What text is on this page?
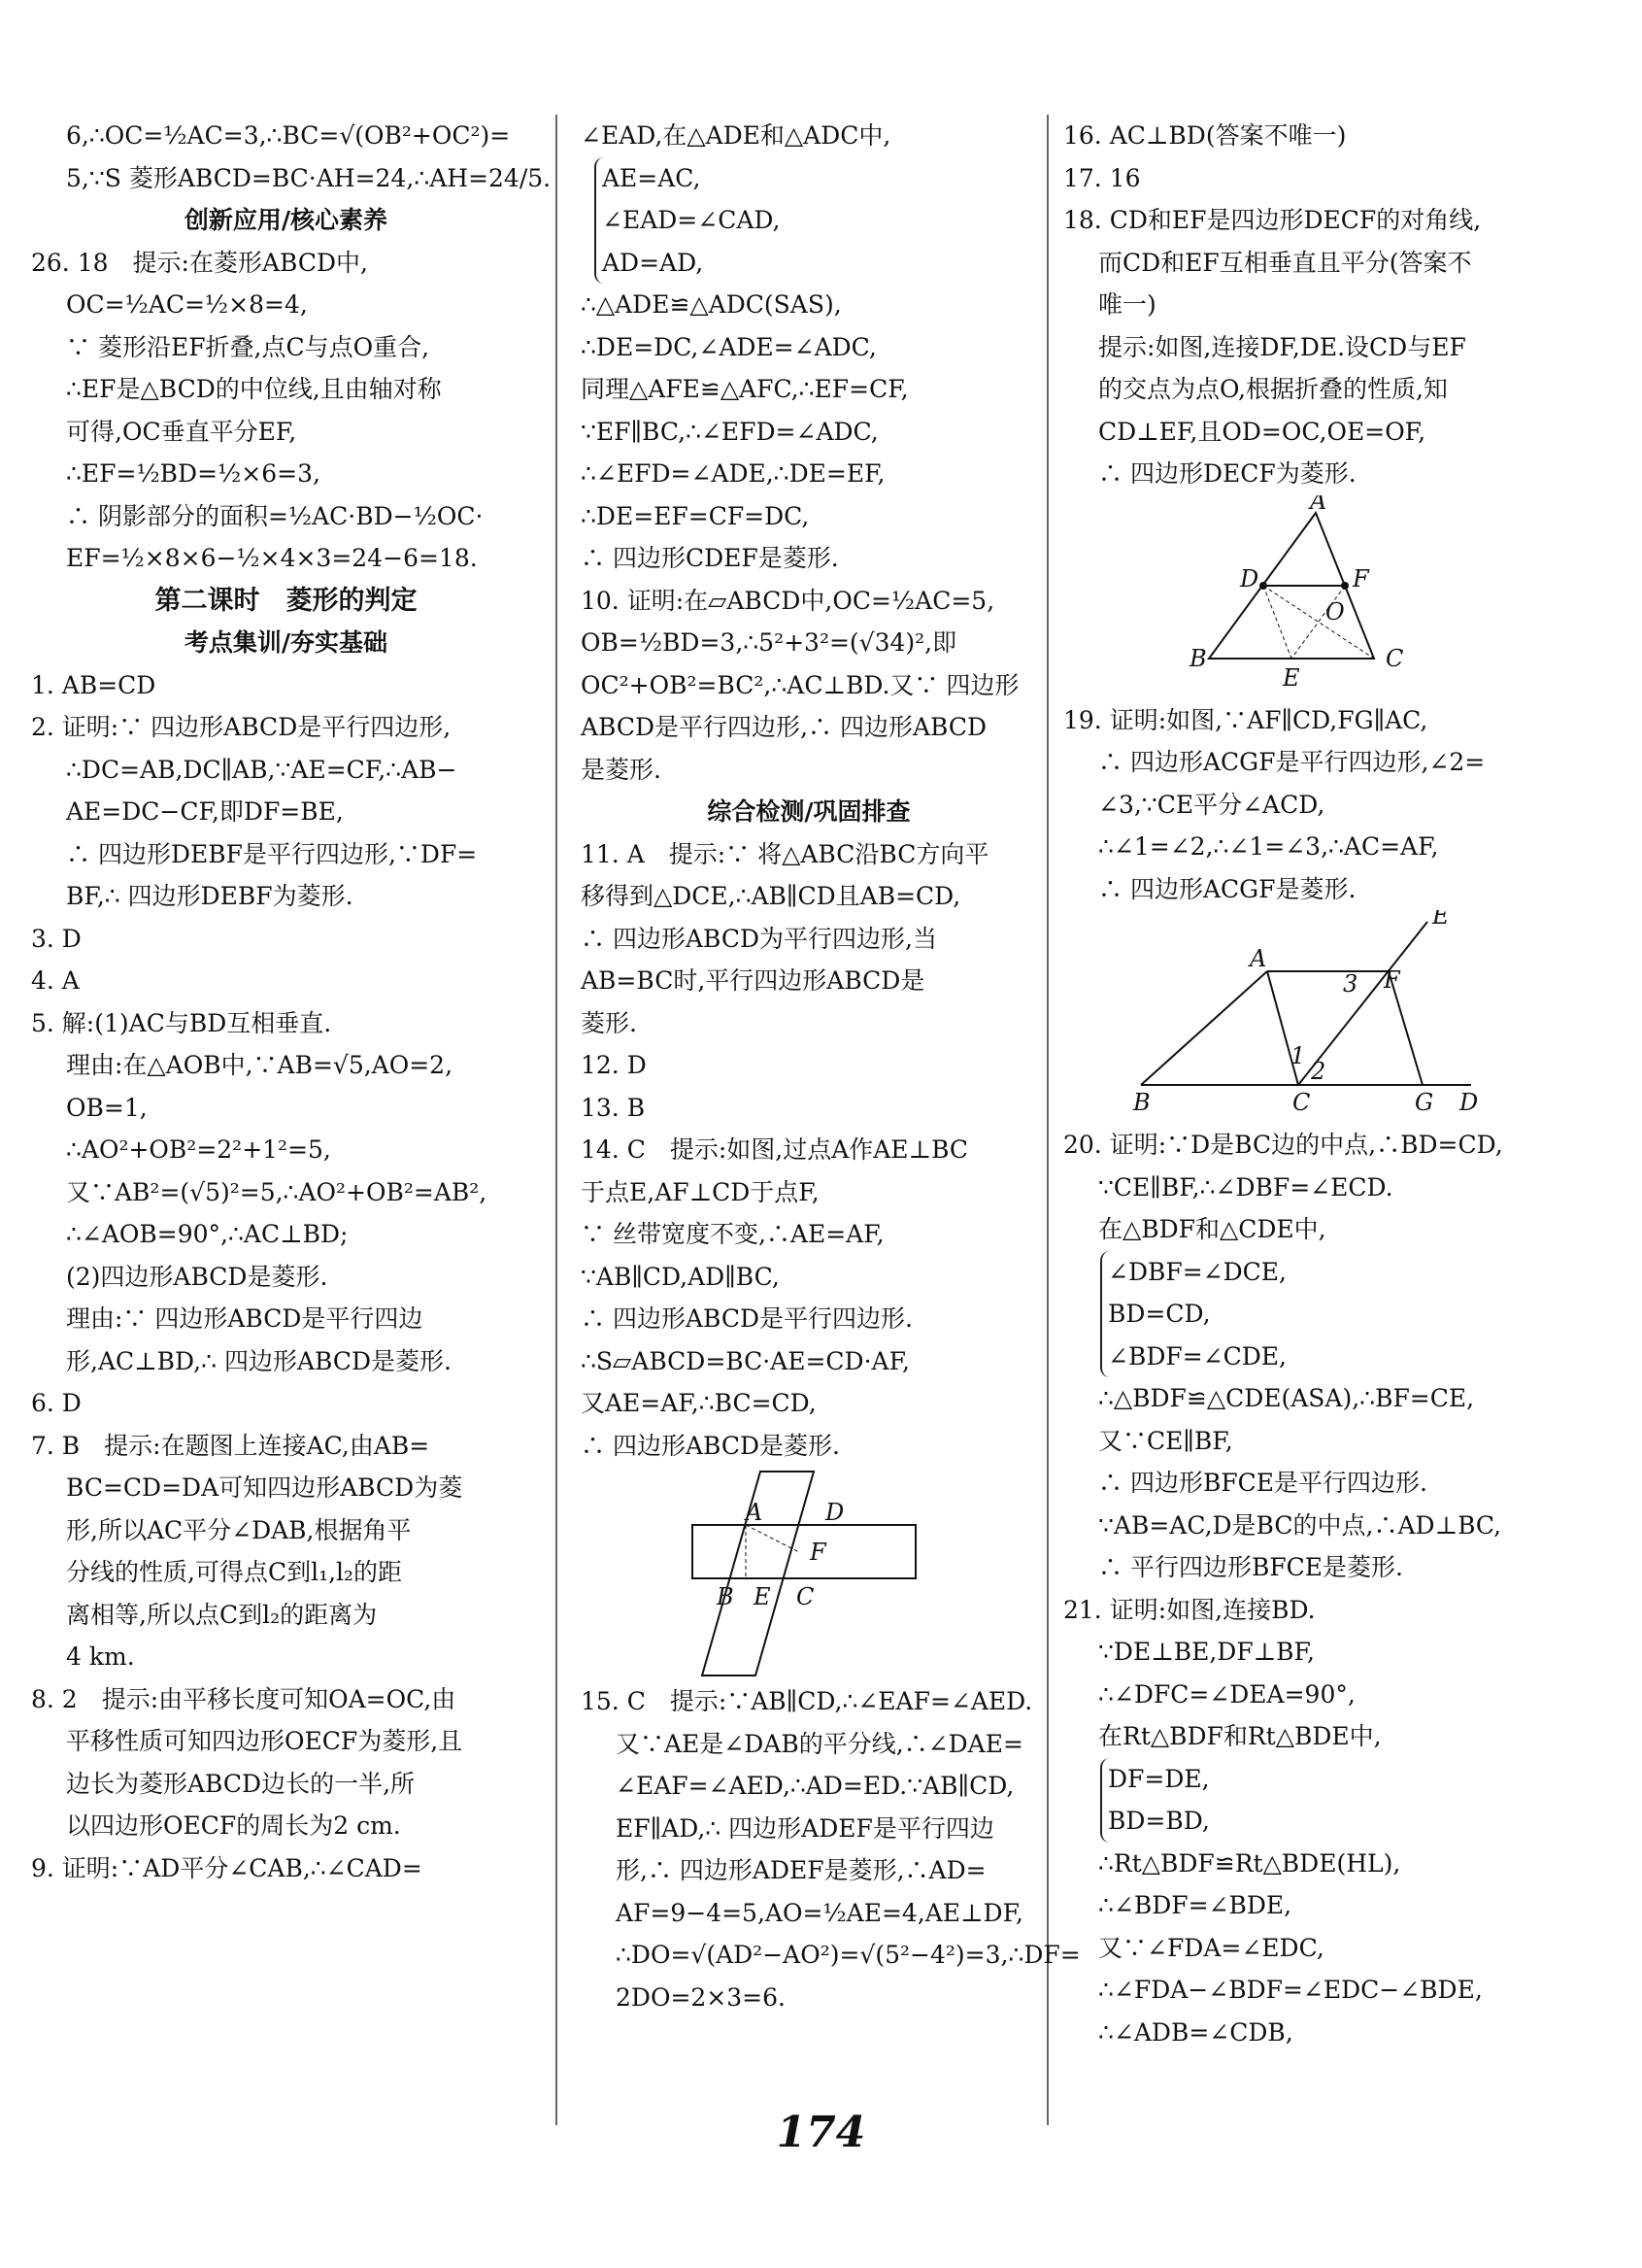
6,∴OC=½AC=3,∴BC=√(OB²+OC²)=
5,∵S 菱形ABCD=BC·AH=24,∴AH=24/5.
创新应用/核心素养
26. 18　提示:在菱形ABCD中,
OC=½AC=½×8=4,
∵ 菱形沿EF折叠,点C与点O重合,
∴EF是△BCD的中位线,且由轴对称
可得,OC垂直平分EF,
∴EF=½BD=½×6=3,
∴ 阴影部分的面积=½AC·BD−½OC·
EF=½×8×6−½×4×3=24−6=18.
第二课时　菱形的判定
考点集训/夯实基础
1. AB=CD
2. 证明:∵ 四边形ABCD是平行四边形,
∴DC=AB,DC∥AB,∵AE=CF,∴AB−
AE=DC−CF,即DF=BE,
∴ 四边形DEBF是平行四边形,∵DF=
BF,∴ 四边形DEBF为菱形.
3. D
4. A
5. 解:(1)AC与BD互相垂直.
理由:在△AOB中,∵AB=√5,AO=2,
OB=1,
∴AO²+OB²=2²+1²=5,
又∵AB²=(√5)²=5,∴AO²+OB²=AB²,
∴∠AOB=90°,∴AC⊥BD;
(2)四边形ABCD是菱形.
理由:∵ 四边形ABCD是平行四边
形,AC⊥BD,∴ 四边形ABCD是菱形.
6. D
7. B　提示:在题图上连接AC,由AB=
BC=CD=DA可知四边形ABCD为菱
形,所以AC平分∠DAB,根据角平
分线的性质,可得点C到l₁,l₂的距
离相等,所以点C到l₂的距离为
4 km.
8. 2　提示:由平移长度可知OA=OC,由
平移性质可知四边形OECF为菱形,且
边长为菱形ABCD边长的一半,所
以四边形OECF的周长为2 cm.
9. 证明:∵AD平分∠CAB,∴∠CAD=
∠EAD,在△ADE和△ADC中,
AE=AC,
∠EAD=∠CAD,
AD=AD,
∴△ADE≌△ADC(SAS),
∴DE=DC,∠ADE=∠ADC,
同理△AFE≌△AFC,∴EF=CF,
∵EF∥BC,∴∠EFD=∠ADC,
∴∠EFD=∠ADE,∴DE=EF,
∴DE=EF=CF=DC,
∴ 四边形CDEF是菱形.
10. 证明:在▱ABCD中,OC=½AC=5,
OB=½BD=3,∴5²+3²=(√34)²,即
OC²+OB²=BC²,∴AC⊥BD.又∵ 四边形
ABCD是平行四边形,∴ 四边形ABCD
是菱形.
综合检测/巩固排查
11. A　提示:∵ 将△ABC沿BC方向平
移得到△DCE,∴AB∥CD且AB=CD,
∴ 四边形ABCD为平行四边形,当
AB=BC时,平行四边形ABCD是
菱形.
12. D
13. B
14. C　提示:如图,过点A作AE⊥BC
于点E,AF⊥CD于点F,
∵ 丝带宽度不变,∴AE=AF,
∵AB∥CD,AD∥BC,
∴ 四边形ABCD是平行四边形.
∴S▱ABCD=BC·AE=CD·AF,
又AE=AF,∴BC=CD,
∴ 四边形ABCD是菱形.
A	D
F
B E C
15. C　提示:∵AB∥CD,∴∠EAF=∠AED.
又∵AE是∠DAB的平分线,∴∠DAE=
∠EAF=∠AED,∴AD=ED.∵AB∥CD,
EF∥AD,∴ 四边形ADEF是平行四边
形,∴ 四边形ADEF是菱形,∴AD=
AF=9−4=5,AO=½AE=4,AE⊥DF,
∴DO=√(AD²−AO²)=√(5²−4²)=3,∴DF=
2DO=2×3=6.
16. AC⊥BD(答案不唯一)
17. 16
18. CD和EF是四边形DECF的对角线,
而CD和EF互相垂直且平分(答案不
唯一)
提示:如图,连接DF,DE.设CD与EF
的交点为点O,根据折叠的性质,知
CD⊥EF,且OD=OC,OE=OF,
∴ 四边形DECF为菱形.
A
D	F
O
B
E
C
19. 证明:如图,∵AF∥CD,FG∥AC,
∴ 四边形ACGF是平行四边形,∠2=
∠3,∵CE平分∠ACD,
∴∠1=∠2,∴∠1=∠3,∴AC=AF,
∴ 四边形ACGF是菱形.
E
A
3 F
1
2
B	C	G D
20. 证明:∵D是BC边的中点,∴BD=CD,
∵CE∥BF,∴∠DBF=∠ECD.
在△BDF和△CDE中,
∠DBF=∠DCE,
BD=CD,
∠BDF=∠CDE,
∴△BDF≌△CDE(ASA),∴BF=CE,
又∵CE∥BF,
∴ 四边形BFCE是平行四边形.
∵AB=AC,D是BC的中点,∴AD⊥BC,
∴ 平行四边形BFCE是菱形.
21. 证明:如图,连接BD.
∵DE⊥BE,DF⊥BF,
∴∠DFC=∠DEA=90°,
在Rt△BDF和Rt△BDE中,
DF=DE,
BD=BD,
∴Rt△BDF≌Rt△BDE(HL),
∴∠BDF=∠BDE,
又∵∠FDA=∠EDC,
∴∠FDA−∠BDF=∠EDC−∠BDE,
∴∠ADB=∠CDB,
174
